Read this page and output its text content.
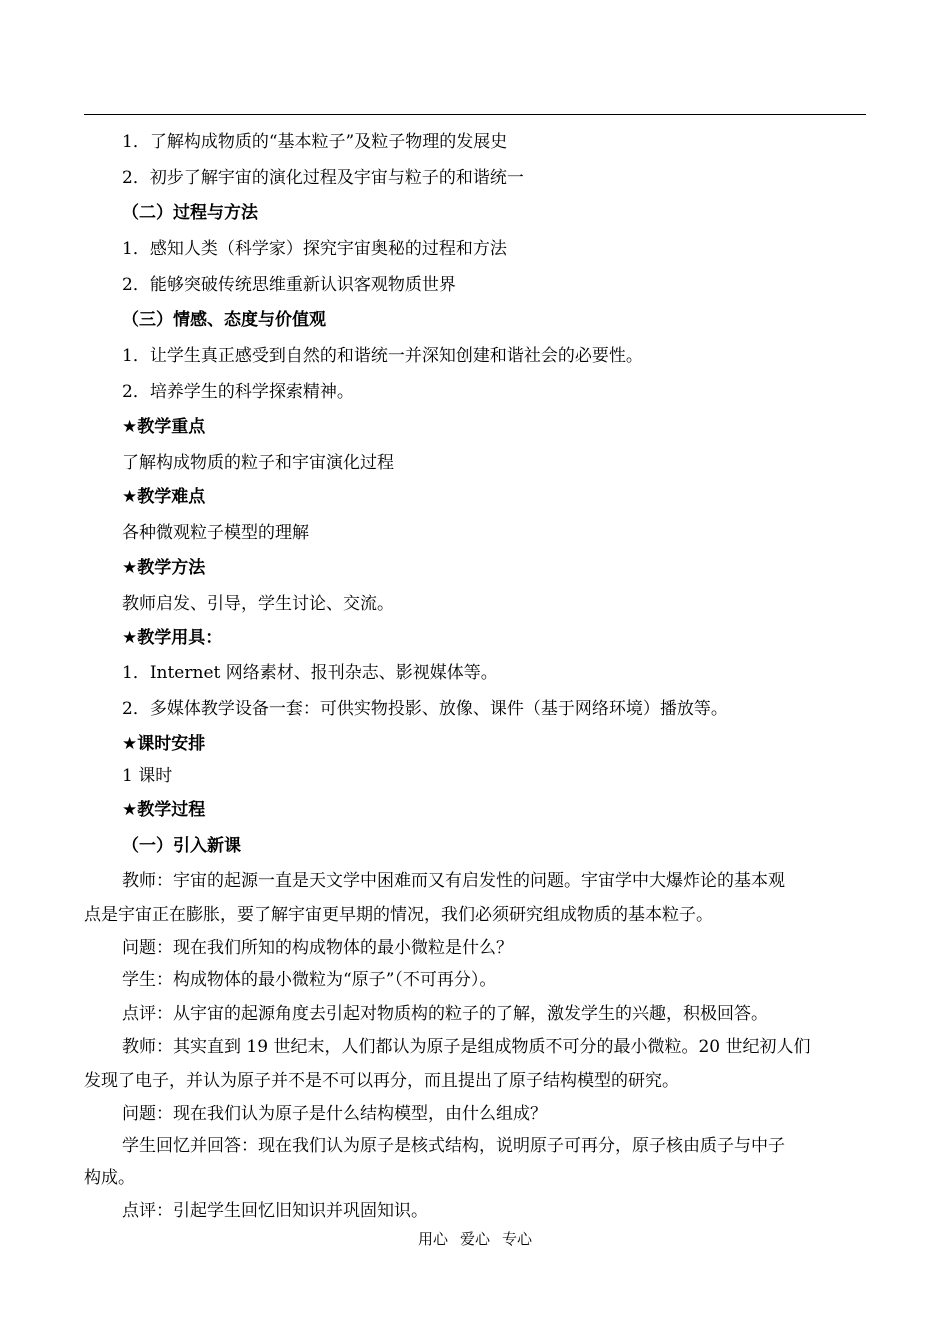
1．了解构成物质的“基本粒子”及粒子物理的发展史
2．初步了解宇宙的演化过程及宇宙与粒子的和谐统一
（二）过程与方法
1．感知人类（科学家）探究宇宙奥秘的过程和方法
2．能够突破传统思维重新认识客观物质世界
（三）情感、态度与价值观
1．让学生真正感受到自然的和谐统一并深知创建和谐社会的必要性。
2．培养学生的科学探索精神。
★教学重点
了解构成物质的粒子和宇宙演化过程
★教学难点
各种微观粒子模型的理解
★教学方法
教师启发、引导，学生讨论、交流。
★教学用具：
1．Internet 网络素材、报刊杂志、影视媒体等。
2．多媒体教学设备一套：可供实物投影、放像、课件（基于网络环境）播放等。
★课时安排
1 课时
★教学过程
（一）引入新课
教师：宇宙的起源一直是天文学中困难而又有启发性的问题。宇宙学中大爆炸论的基本观
点是宇宙正在膨胀，要了解宇宙更早期的情况，我们必须研究组成物质的基本粒子。
问题：现在我们所知的构成物体的最小微粒是什么？
学生：构成物体的最小微粒为“原子”（不可再分）。
点评：从宇宙的起源角度去引起对物质构的粒子的了解，激发学生的兴趣，积极回答。
教师：其实直到 19 世纪末，人们都认为原子是组成物质不可分的最小微粒。20 世纪初人们
发现了电子，并认为原子并不是不可以再分，而且提出了原子结构模型的研究。
问题：现在我们认为原子是什么结构模型，由什么组成？
学生回忆并回答：现在我们认为原子是核式结构，说明原子可再分，原子核由质子与中子
构成。
点评：引起学生回忆旧知识并巩固知识。
用心 爱心 专心
